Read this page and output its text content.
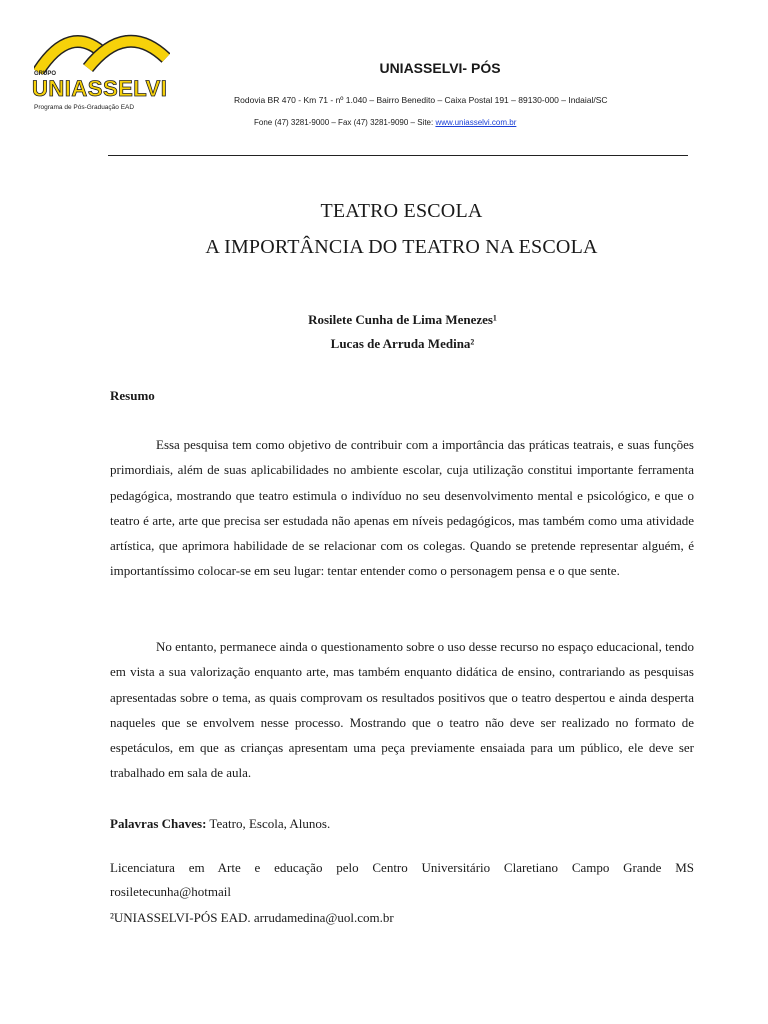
GRUPO
UNIASSELVI
Programa de Pós-Graduação EAD
UNIASSELVI- PÓS
Rodovia BR 470 - Km 71 - nº 1.040 – Bairro Benedito – Caixa Postal 191 – 89130-000 – Indaial/SC
Fone (47) 3281-9000 – Fax (47) 3281-9090 – Site: www.uniasselvi.com.br
TEATRO ESCOLA
A IMPORTÂNCIA DO TEATRO NA ESCOLA
Rosilete Cunha de Lima Menezes¹
Lucas de Arruda Medina²
Resumo

Essa pesquisa tem como objetivo de contribuir com a importância das práticas teatrais, e suas funções primordiais, além de suas aplicabilidades no ambiente escolar, cuja utilização constitui importante ferramenta pedagógica, mostrando que teatro estimula o indivíduo no seu desenvolvimento mental e psicológico, e que o teatro é arte, arte que precisa ser estudada não apenas em níveis pedagógicos, mas também como uma atividade artística, que aprimora habilidade de se relacionar com os colegas. Quando se pretende representar alguém, é importantíssimo colocar-se em seu lugar: tentar entender como o personagem pensa e o que sente.

No entanto, permanece ainda o questionamento sobre o uso desse recurso no espaço educacional, tendo em vista a sua valorização enquanto arte, mas também enquanto didática de ensino, contrariando as pesquisas apresentadas sobre o tema, as quais comprovam os resultados positivos que o teatro despertou e ainda desperta naqueles que se envolvem nesse processo. Mostrando que o teatro não deve ser realizado no formato de espetáculos, em que as crianças apresentam uma peça previamente ensaiada para um público, ele deve ser trabalhado em sala de aula.

Palavras Chaves: Teatro, Escola, Alunos.

Licenciatura em Arte e educação pelo Centro Universitário Claretiano Campo Grande MS rosiletecunha@hotmail

²UNIASSELVI-PÓS EAD. arrudamedina@uol.com.br
